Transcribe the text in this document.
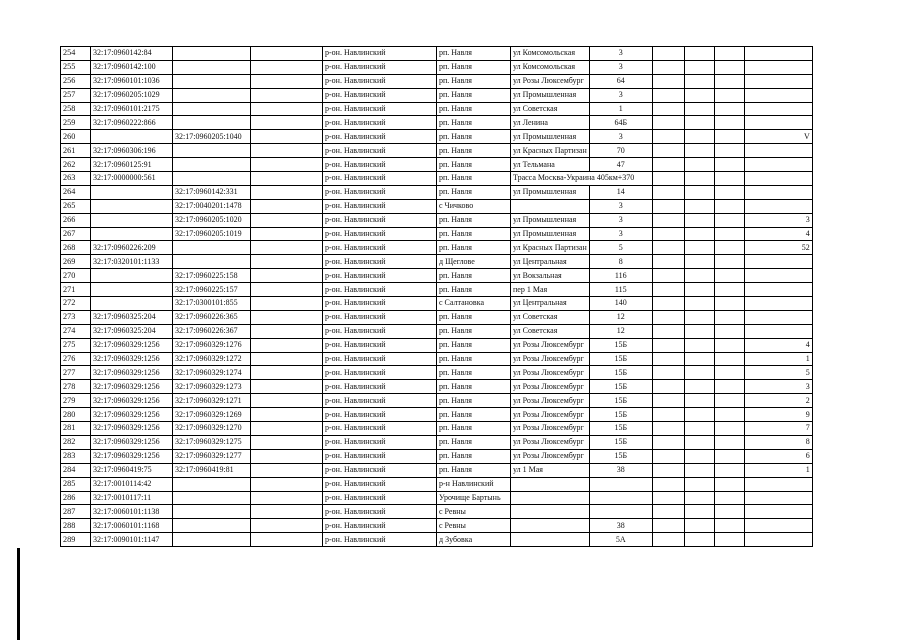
254	32:17:0960142:84			р-он. Навлинский	рп. Навля	ул Комсомольская	3				
255	32:17:0960142:100			р-он. Навлинский	рп. Навля	ул Комсомольская	3				
256	32:17:0960101:1036			р-он. Навлинский	рп. Навля	ул Розы Люксембург	64				
257	32:17:0960205:1029			р-он. Навлинский	рп. Навля	ул Промышленная	3				
258	32:17:0960101:2175			р-он. Навлинский	рп. Навля	ул Советская	1				
259	32:17:0960222:866			р-он. Навлинский	рп. Навля	ул Ленина	64Б				
260		32:17:0960205:1040		р-он. Навлинский	рп. Навля	ул Промышленная	3				V
261	32:17:0960306:196			р-он. Навлинский	рп. Навля	ул Красных Партизан	70				
262	32:17:0960125:91			р-он. Навлинский	рп. Навля	ул Тельмана	47				
263	32:17:0000000:561			р-он. Навлинский	рп. Навля	Трасса Москва-Украина 405км+370					
264		32:17:0960142:331		р-он. Навлинский	рп. Навля	ул Промышленная	14				
265		32:17:0040201:1478		р-он. Навлинский	с Чичково		3				
266		32:17:0960205:1020		р-он. Навлинский	рп. Навля	ул Промышленная	3				3
267		32:17:0960205:1019		р-он. Навлинский	рп. Навля	ул Промышленная	3				4
268	32:17:0960226:209			р-он. Навлинский	рп. Навля	ул Красных Партизан	5				52
269	32:17:0320101:1133			р-он. Навлинский	д Щеглове	ул Центральная	8				
270		32:17:0960225:158		р-он. Навлинский	рп. Навля	ул Вокзальная	116				
271		32:17:0960225:157		р-он. Навлинский	рп. Навля	пер 1 Мая	115				
272		32:17:0300101:855		р-он. Навлинский	с Салтановка	ул Центральная	140				
273	32:17:0960325:204	32:17:0960226:365		р-он. Навлинский	рп. Навля	ул Советская	12				
274	32:17:0960325:204	32:17:0960226:367		р-он. Навлинский	рп. Навля	ул Советская	12				
275	32:17:0960329:1256	32:17:0960329:1276		р-он. Навлинский	рп. Навля	ул Розы Люксембург	15Б				4
276	32:17:0960329:1256	32:17:0960329:1272		р-он. Навлинский	рп. Навля	ул Розы Люксембург	15Б				1
277	32:17:0960329:1256	32:17:0960329:1274		р-он. Навлинский	рп. Навля	ул Розы Люксембург	15Б				5
278	32:17:0960329:1256	32:17:0960329:1273		р-он. Навлинский	рп. Навля	ул Розы Люксембург	15Б				3
279	32:17:0960329:1256	32:17:0960329:1271		р-он. Навлинский	рп. Навля	ул Розы Люксембург	15Б				2
280	32:17:0960329:1256	32:17:0960329:1269		р-он. Навлинский	рп. Навля	ул Розы Люксембург	15Б				9
281	32:17:0960329:1256	32:17:0960329:1270		р-он. Навлинский	рп. Навля	ул Розы Люксембург	15Б				7
282	32:17:0960329:1256	32:17:0960329:1275		р-он. Навлинский	рп. Навля	ул Розы Люксембург	15Б				8
283	32:17:0960329:1256	32:17:0960329:1277		р-он. Навлинский	рп. Навля	ул Розы Люксембург	15Б				6
284	32:17:0960419:75	32:17:0960419:81		р-он. Навлинский	рп. Навля	ул 1 Мая	38				1
285	32:17:0010114:42			р-он. Навлинский	р-н Навлинский						
286	32:17:0010117:11			р-он. Навлинский	Урочище Бартынь						
287	32:17:0060101:1138			р-он. Навлинский	с Ревны						
288	32:17:0060101:1168			р-он. Навлинский	с Ревны		38				
289	32:17:0090101:1147			р-он. Навлинский	д Зубовка		5А				
